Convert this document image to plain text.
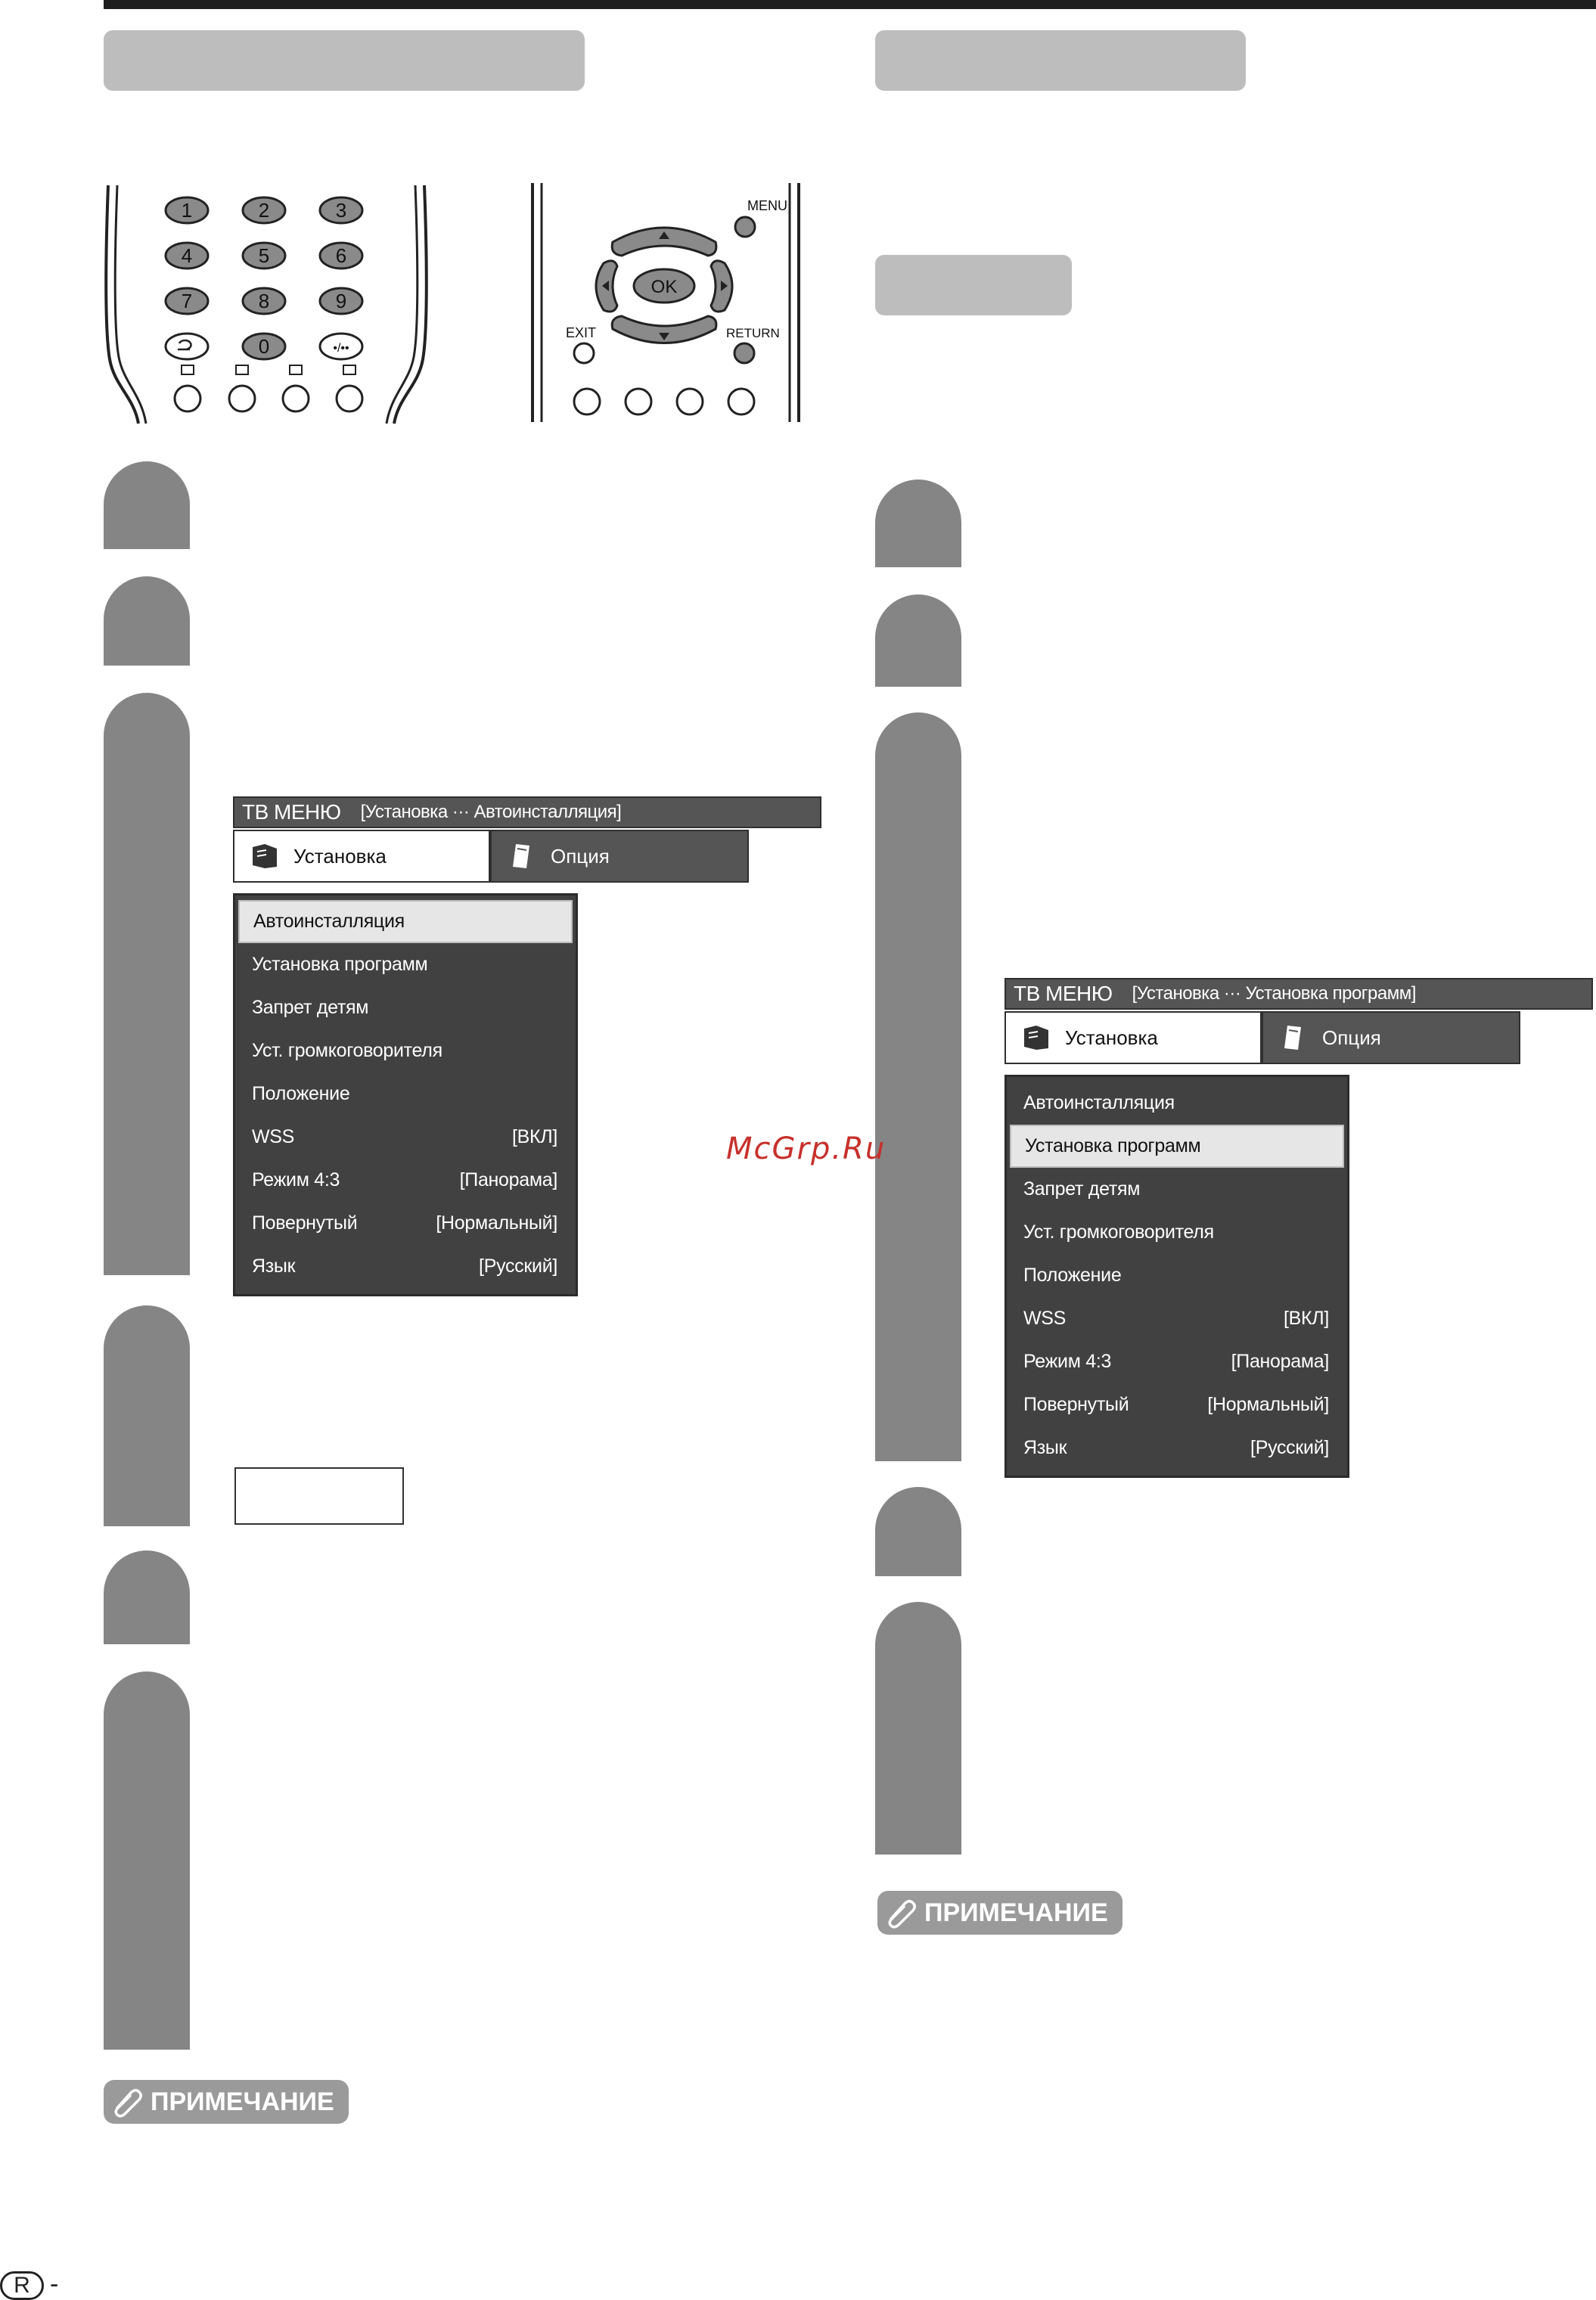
1	2	3
4	5	6
7	8	9
0	•/••
OK
MENU
EXIT	RETURN
ТВ МЕНЮ [Установка ··· Автоинсталляция]
Установка	Опция
Автоинсталляция
Установка программ
Запрет детям
Уст. громкоговорителя
Положение
WSS	[ВКЛ]
Режим 4:3	[Панорама]
Повернутый	[Нормальный]
Язык	[Русский]
ТВ МЕНЮ [Установка ··· Установка программ]
Установка	Опция
Автоинсталляция
Установка программ
Запрет детям
Уст. громкоговорителя
Положение
WSS	[ВКЛ]
Режим 4:3	[Панорама]
Повернутый	[Нормальный]
Язык	[Русский]
McGrp.Ru
ПРИМЕЧАНИЕ
ПРИМЕЧАНИЕ
R -
